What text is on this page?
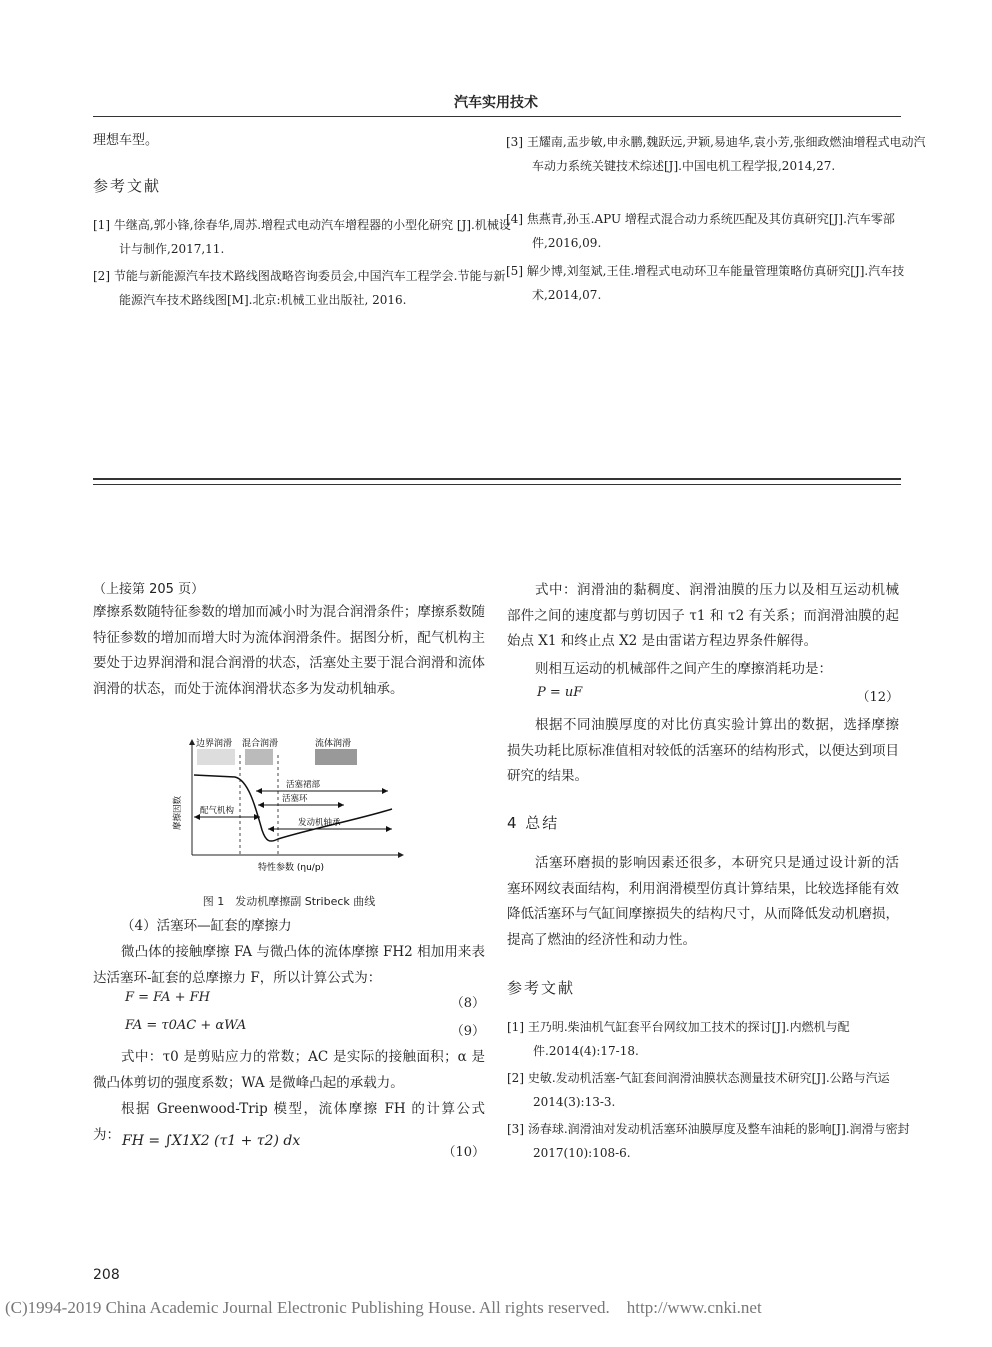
汽车实用技术
理想车型。
参考文献
[1] 牛继高,郭小锋,徐春华,周苏.增程式电动汽车增程器的小型化研究 [J].机械设计与制作,2017,11.
[2] 节能与新能源汽车技术路线图战略咨询委员会,中国汽车工程学会.节能与新能源汽车技术路线图[M].北京:机械工业出版社, 2016.
[3] 王耀南,盂步敏,申永鹏,魏跃远,尹颖,易迪华,袁小芳,张细政燃油增程式电动汽车动力系统关键技术综述[J].中国电机工程学报,2014,27.
[4] 焦燕青,孙玉.APU 增程式混合动力系统匹配及其仿真研究[J].汽车零部件,2016,09.
[5] 解少博,刘玺斌,王佳.增程式电动环卫车能量管理策略仿真研究[J].汽车技术,2014,07.
（上接第 205 页）
摩擦系数随特征参数的增加而减小时为混合润滑条件；摩擦系数随特征参数的增加而增大时为流体润滑条件。据图分析，配气机构主要处于边界润滑和混合润滑的状态，活塞处主要于混合润滑和流体润滑的状态，而处于流体润滑状态多为发动机轴承。
边界润滑 混合润滑	流体润滑
活塞裙部
活塞环
配气机构
发动机轴承
摩擦因数
特性参数 (ηu/p)
图 1　发动机摩擦副 Stribeck 曲线
（4）活塞环—缸套的摩擦力
微凸体的接触摩擦 FA 与微凸体的流体摩擦 FH2 相加用来表达活塞环-缸套的总摩擦力 F，所以计算公式为：
F = FA + FH	（8）
FA = τ0AC + αWA	（9）
式中：τ0 是剪贴应力的常数；AC 是实际的接触面积；α 是微凸体剪切的强度系数；WA 是微峰凸起的承载力。
根据 Greenwood-Trip 模型，流体摩擦 FH 的计算公式为： FH = ∫X1X2 (τ1 + τ2) dx
（10）
式中：润滑油的黏稠度、润滑油膜的压力以及相互运动机械部件之间的速度都与剪切因子 τ1 和 τ2 有关系；而润滑油膜的起始点 X1 和终止点 X2 是由雷诺方程边界条件解得。
则相互运动的机械部件之间产生的摩擦消耗功是：
P = uF	（12）
根据不同油膜厚度的对比仿真实验计算出的数据，选择摩擦损失功耗比原标准值相对较低的活塞环的结构形式，以便达到项目研究的结果。
4 总结
活塞环磨损的影响因素还很多，本研究只是通过设计新的活塞环网纹表面结构，利用润滑模型仿真计算结果，比较选择能有效降低活塞环与气缸间摩擦损失的结构尺寸，从而降低发动机磨损，提高了燃油的经济性和动力性。
参考文献
[1] 王乃明.柴油机气缸套平台网纹加工技术的探讨[J].内燃机与配件.2014(4):17-18.
[2] 史敏.发动机活塞-气缸套间润滑油膜状态测量技术研究[J].公路与汽运 2014(3):13-3.
[3] 汤春球.润滑油对发动机活塞环油膜厚度及整车油耗的影响[J].润滑与密封 2017(10):108-6.
208
(C)1994-2019 China Academic Journal Electronic Publishing House. All rights reserved.    http://www.cnki.net
